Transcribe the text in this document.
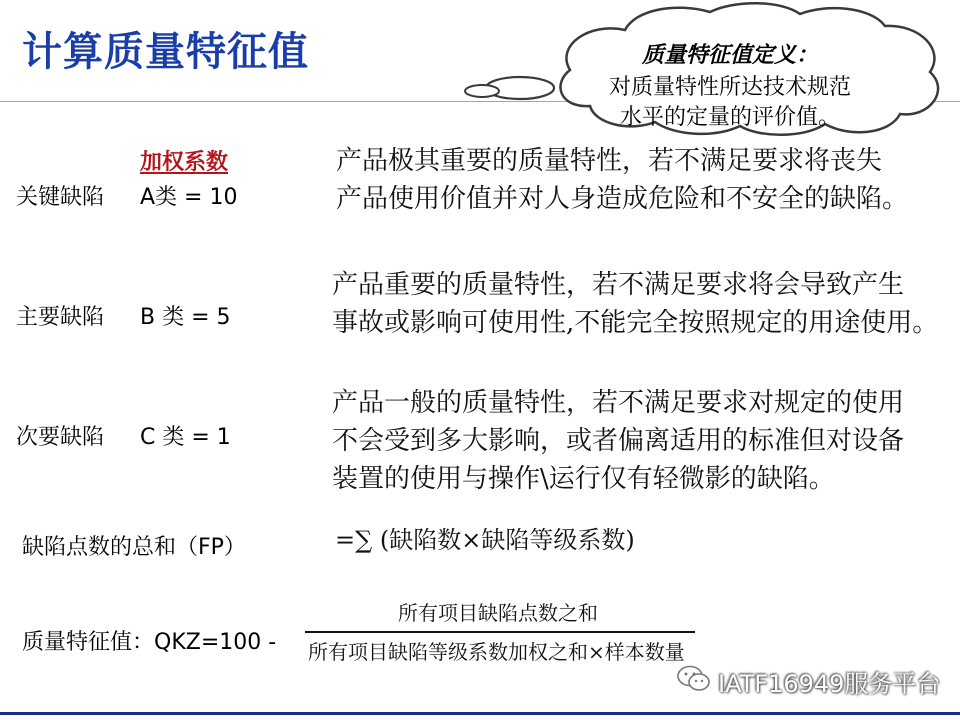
计算质量特征值	质量特征值定义：
对质量特性所达技术规范
水平的定量的评价值。
加权系数
关键缺陷 A类 = 10
产品极其重要的质量特性，若不满足要求将丧失
产品使用价值并对人身造成危险和不安全的缺陷。
主要缺陷 B 类 = 5
产品重要的质量特性，若不满足要求将会导致产生
事故或影响可使用性,不能完全按照规定的用途使用。
次要缺陷 C 类 = 1
产品一般的质量特性，若不满足要求对规定的使用
不会受到多大影响，或者偏离适用的标准但对设备
装置的使用与操作\运行仅有轻微影的缺陷。
缺陷点数的总和（FP）	=∑ (缺陷数×缺陷等级系数)
质量特征值：QKZ=100 -
所有项目缺陷点数之和
所有项目缺陷等级系数加权之和×样本数量
IATF16949服务平台
